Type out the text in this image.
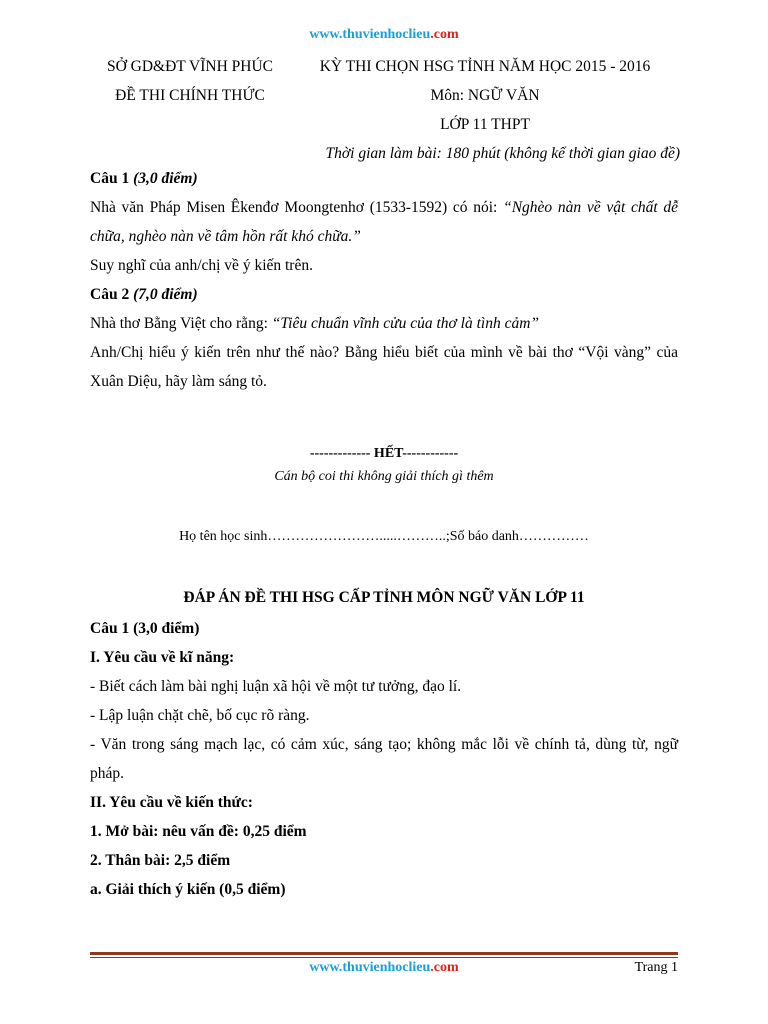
www.thuvienhoclieu.com
SỞ GD&ĐT VĨNH PHÚC	KỲ THI CHỌN HSG TỈNH NĂM HỌC 2015 - 2016
ĐỀ THI CHÍNH THỨC	Môn: NGỮ VĂN
LỚP 11 THPT
Thời gian làm bài: 180 phút (không kể thời gian giao đề)

Câu 1 (3,0 điểm)

Nhà văn Pháp Misen Êkenđơ Moongtenhơ (1533-1592) có nói: “Nghèo nàn về vật chất dễ chữa, nghèo nàn về tâm hồn rất khó chữa.”

Suy nghĩ của anh/chị về ý kiến trên.

Câu 2 (7,0 điểm)

Nhà thơ Bằng Việt cho rằng: “Tiêu chuẩn vĩnh cửu của thơ là tình cảm”

Anh/Chị hiểu ý kiến trên như thế nào? Bằng hiểu biết của mình về bài thơ “Vội vàng” của Xuân Diệu, hãy làm sáng tỏ.

------------- HẾT------------
Cán bộ coi thi không giải thích gì thêm
Họ tên học sinh…………………….....………..;Số báo danh……………
ĐÁP ÁN ĐỀ THI HSG CẤP TỈNH MÔN NGỮ VĂN LỚP 11

Câu 1 (3,0 điểm)

I. Yêu cầu về kĩ năng:

- Biết cách làm bài nghị luận xã hội về một tư tưởng, đạo lí.

- Lập luận chặt chẽ, bố cục rõ ràng.

- Văn trong sáng mạch lạc, có cảm xúc, sáng tạo; không mắc lỗi về chính tả, dùng từ, ngữ pháp.

II. Yêu cầu về kiến thức:

1. Mở bài: nêu vấn đề: 0,25 điểm

2. Thân bài: 2,5 điểm

a. Giải thích ý kiến (0,5 điểm)

www.thuvienhoclieu.com	Trang 1
